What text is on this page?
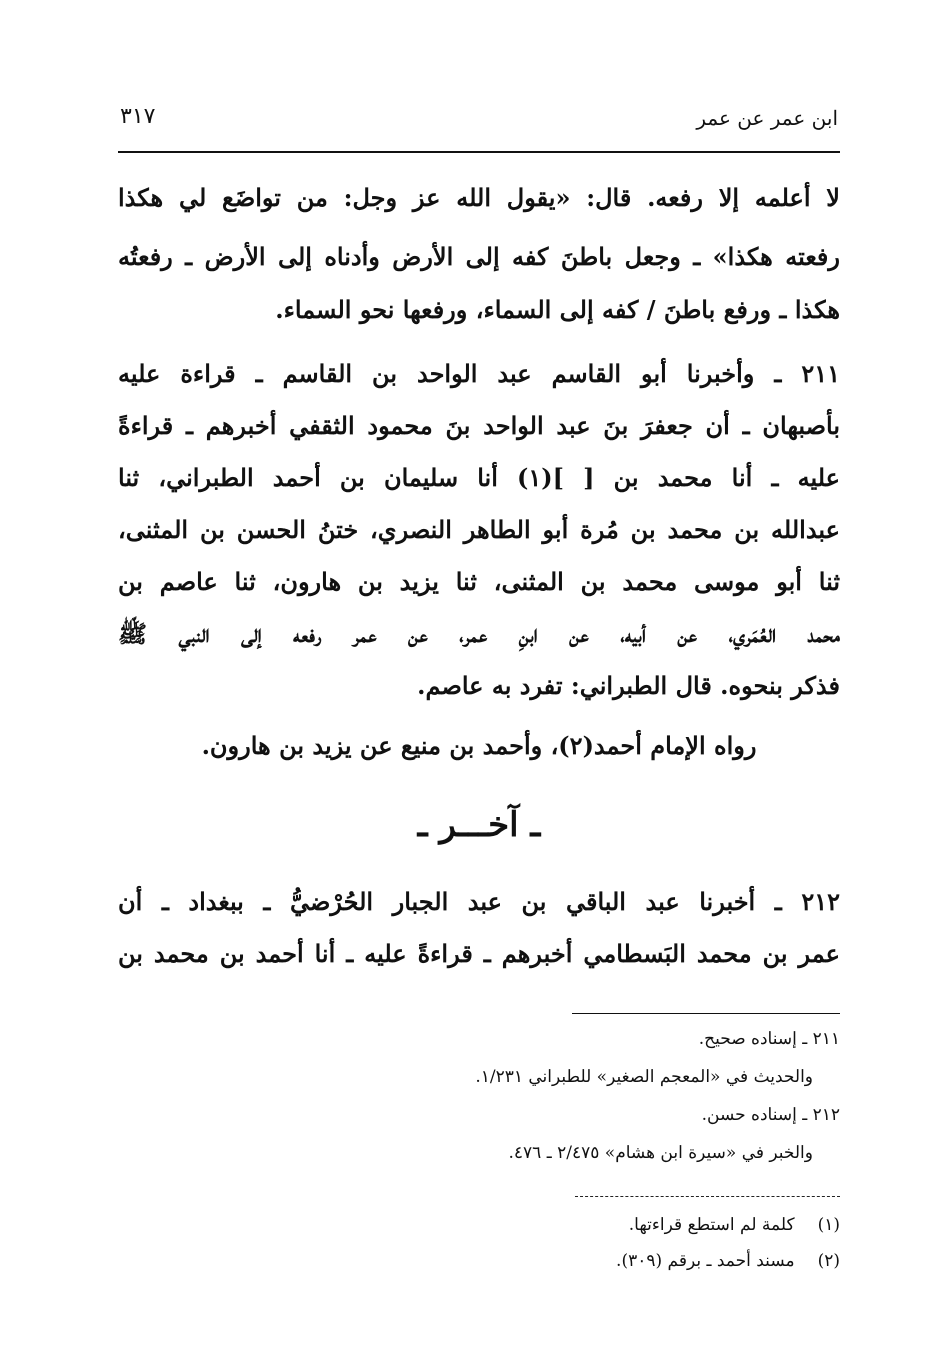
ابن عمر عن عمر
٣١٧
لا أعلمه إلا رفعه. قال: «يقول الله عز وجل: من تواضَع لي هكذا
رفعته هكذا» ـ وجعل باطنَ كفه إلى الأرض وأدناه إلى الأرض ـ رفعتُه
هكذا ـ ورفع باطنَ / كفه إلى السماء، ورفعها نحو السماء.
٢١١ ـ وأخبرنا أبو القاسم عبد الواحد بن القاسم ـ قراءة عليه
بأصبهان ـ أن جعفرَ بنَ عبد الواحد بنَ محمود الثقفي أخبرهم ـ قراءةً
عليه ـ أنا محمد بن [ ](١) أنا سليمان بن أحمد الطبراني، ثنا
عبدالله بن محمد بن مُرة أبو الطاهر النصري، ختنُ الحسن بن المثنى،
ثنا أبو موسى محمد بن المثنى، ثنا يزيد بن هارون، ثنا عاصم بن
محمد العُمَري، عن أبيه، عن ابنِ عمر، عن عمر رفعه إلى النبي ﷺ
فذكر بنحوه. قال الطبراني: تفرد به عاصم.
رواه الإمام أحمد(٢)، وأحمد بن منيع عن يزيد بن هارون.
ـ آخـــر ـ
٢١٢ ـ أخبرنا عبد الباقي بن عبد الجبار الحُرْضيُّ ـ ببغداد ـ أن
عمر بن محمد البَسطامي أخبرهم ـ قراءةً عليه ـ أنا أحمد بن محمد بن
٢١١ ـ إسناده صحيح.
والحديث في «المعجم الصغير» للطبراني ١/٢٣١.
٢١٢ ـ إسناده حسن.
والخبر في «سيرة ابن هشام» ٢/٤٧٥ ـ ٤٧٦.
(١) كلمة لم استطع قراءتها.
(٢) مسند أحمد ـ برقم (٣٠٩).
